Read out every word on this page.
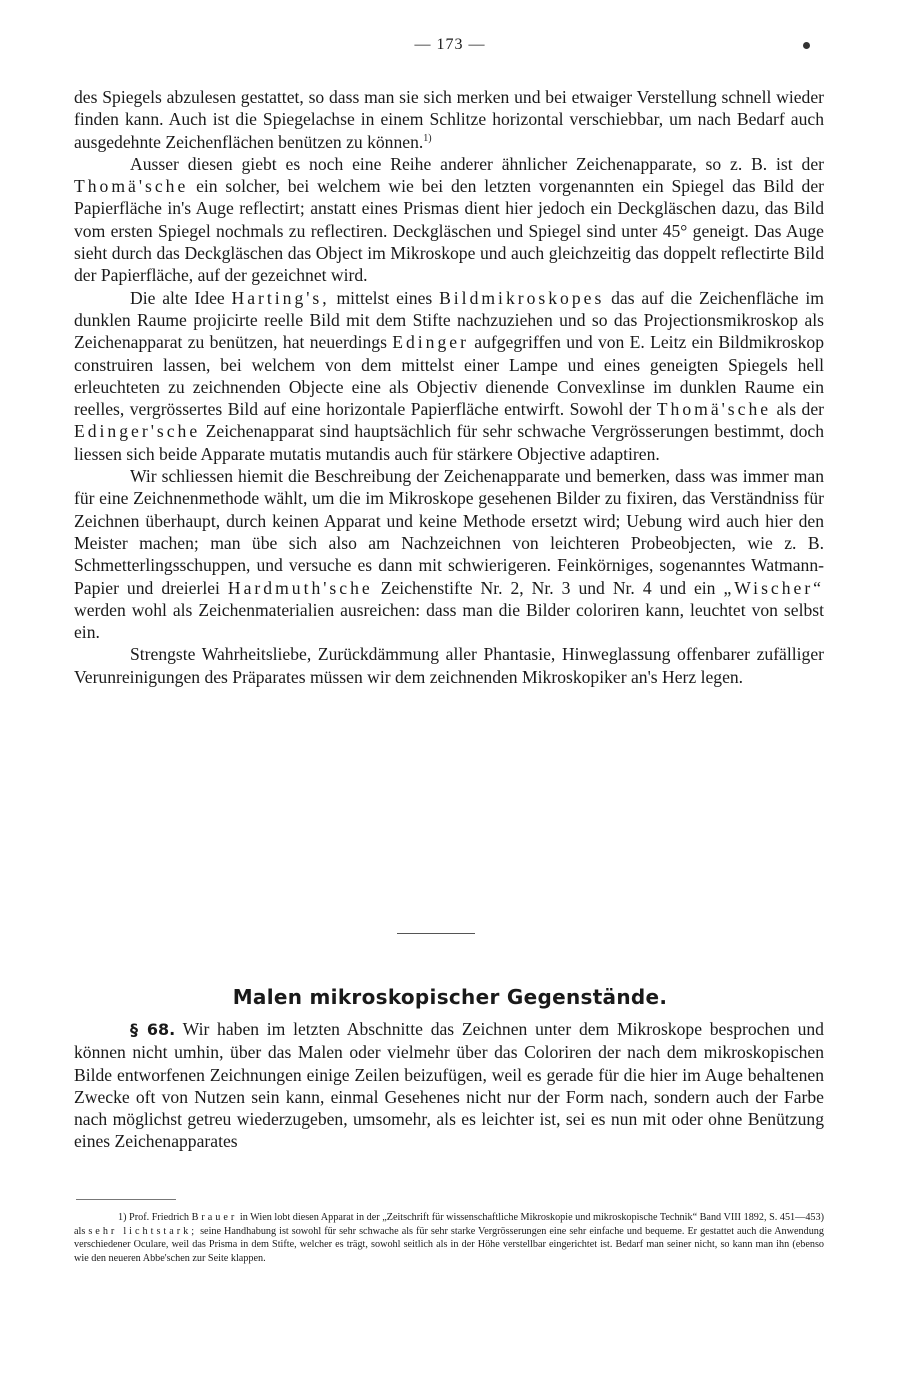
— 173 —

des Spiegels abzulesen gestattet, so dass man sie sich merken und bei etwaiger Verstellung schnell wieder finden kann. Auch ist die Spiegelachse in einem Schlitze horizontal verschiebbar, um nach Bedarf auch ausgedehnte Zeichenflächen benützen zu können.$^{1)}$

Ausser diesen giebt es noch eine Reihe anderer ähnlicher Zeichenapparate, so z. B. ist der Thomä'sche ein solcher, bei welchem wie bei den letzten vorgenannten ein Spiegel das Bild der Papierfläche in's Auge reflectirt; anstatt eines Prismas dient hier jedoch ein Deckgläschen dazu, das Bild vom ersten Spiegel nochmals zu reflectiren. Deckgläschen und Spiegel sind unter 45° geneigt. Das Auge sieht durch das Deckgläschen das Object im Mikroskope und auch gleichzeitig das doppelt reflectirte Bild der Papierfläche, auf der gezeichnet wird.

Die alte Idee Harting's, mittelst eines Bildmikroskopes das auf die Zeichenfläche im dunklen Raume projicirte reelle Bild mit dem Stifte nachzuziehen und so das Projectionsmikroskop als Zeichenapparat zu benützen, hat neuerdings Edinger aufgegriffen und von E. Leitz ein Bildmikroskop construiren lassen, bei welchem von dem mittelst einer Lampe und eines geneigten Spiegels hell erleuchteten zu zeichnenden Objecte eine als Objectiv dienende Convexlinse im dunklen Raume ein reelles, vergrössertes Bild auf eine horizontale Papierfläche entwirft. Sowohl der Thomä'sche als der Edinger'sche Zeichenapparat sind hauptsächlich für sehr schwache Vergrösserungen bestimmt, doch liessen sich beide Apparate mutatis mutandis auch für stärkere Objective adaptiren.

Wir schliessen hiemit die Beschreibung der Zeichenapparate und bemerken, dass was immer man für eine Zeichnenmethode wählt, um die im Mikroskope gesehenen Bilder zu fixiren, das Verständniss für Zeichnen überhaupt, durch keinen Apparat und keine Methode ersetzt wird; Uebung wird auch hier den Meister machen; man übe sich also am Nachzeichnen von leichteren Probeobjecten, wie z. B. Schmetterlingsschuppen, und versuche es dann mit schwierigeren. Feinkörniges, sogenanntes Watmann-Papier und dreierlei Hardmuth'sche Zeichenstifte Nr. 2, Nr. 3 und Nr. 4 und ein „Wischer“ werden wohl als Zeichenmaterialien ausreichen: dass man die Bilder coloriren kann, leuchtet von selbst ein.

Strengste Wahrheitsliebe, Zurückdämmung aller Phantasie, Hinweglassung offenbarer zufälliger Verunreinigungen des Präparates müssen wir dem zeichnenden Mikroskopiker an's Herz legen.

Malen mikroskopischer Gegenstände.

§ 68. Wir haben im letzten Abschnitte das Zeichnen unter dem Mikroskope besprochen und können nicht umhin, über das Malen oder vielmehr über das Coloriren der nach dem mikroskopischen Bilde entworfenen Zeichnungen einige Zeilen beizufügen, weil es gerade für die hier im Auge behaltenen Zwecke oft von Nutzen sein kann, einmal Gesehenes nicht nur der Form nach, sondern auch der Farbe nach möglichst getreu wiederzugeben, umsomehr, als es leichter ist, sei es nun mit oder ohne Benützung eines Zeichenapparates

1) Prof. Friedrich Brauer in Wien lobt diesen Apparat in der „Zeitschrift für wissenschaftliche Mikroskopie und mikroskopische Technik“ Band VIII 1892, S. 451—453) als sehr lichtstark; seine Handhabung ist sowohl für sehr schwache als für sehr starke Vergrösserungen eine sehr einfache und bequeme. Er gestattet auch die Anwendung verschiedener Oculare, weil das Prisma in dem Stifte, welcher es trägt, sowohl seitlich als in der Höhe verstellbar eingerichtet ist. Bedarf man seiner nicht, so kann man ihn (ebenso wie den neueren Abbe'schen zur Seite klappen.
